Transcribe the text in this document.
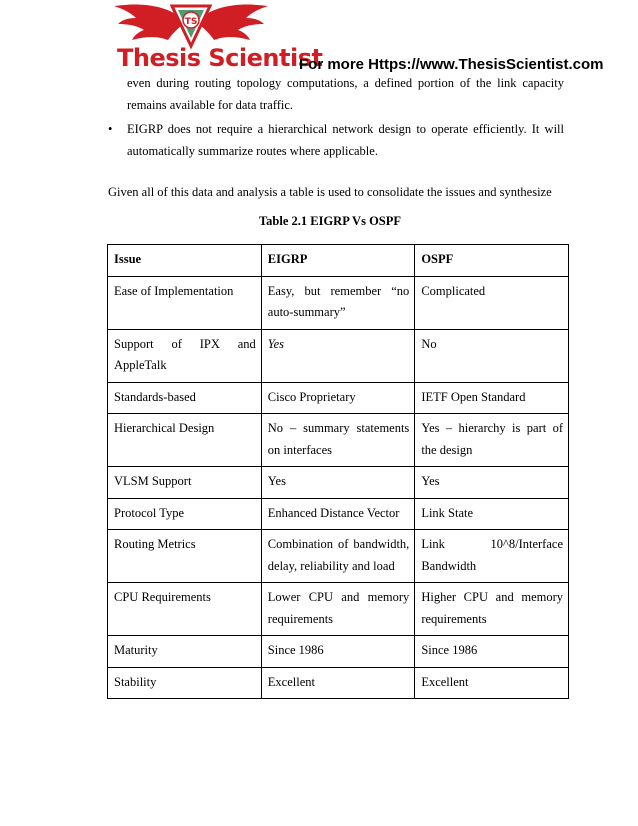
TS
Thesis Scientist
For more Https://www.ThesisScientist.com
even during routing topology computations, a defined portion of the link capacity remains available for data traffic.
• EIGRP does not require a hierarchical network design to operate efficiently. It will automatically summarize routes where applicable.
Given all of this data and analysis a table is used to consolidate the issues and synthesize
Table 2.1 EIGRP Vs OSPF
Issue	EIGRP	OSPF
Ease of Implementation	Easy, but remember “no auto-summary”	Complicated
Support of IPX and AppleTalk	Yes	No
Standards-based	Cisco Proprietary	IETF Open Standard
Hierarchical Design	No – summary statements on interfaces	Yes – hierarchy is part of the design
VLSM Support	Yes	Yes
Protocol Type	Enhanced Distance Vector	Link State
Routing Metrics	Combination of bandwidth, delay, reliability and load	Link 10^8/Interface Bandwidth
CPU Requirements	Lower CPU and memory requirements	Higher CPU and memory requirements
Maturity	Since 1986	Since 1986
Stability	Excellent	Excellent
